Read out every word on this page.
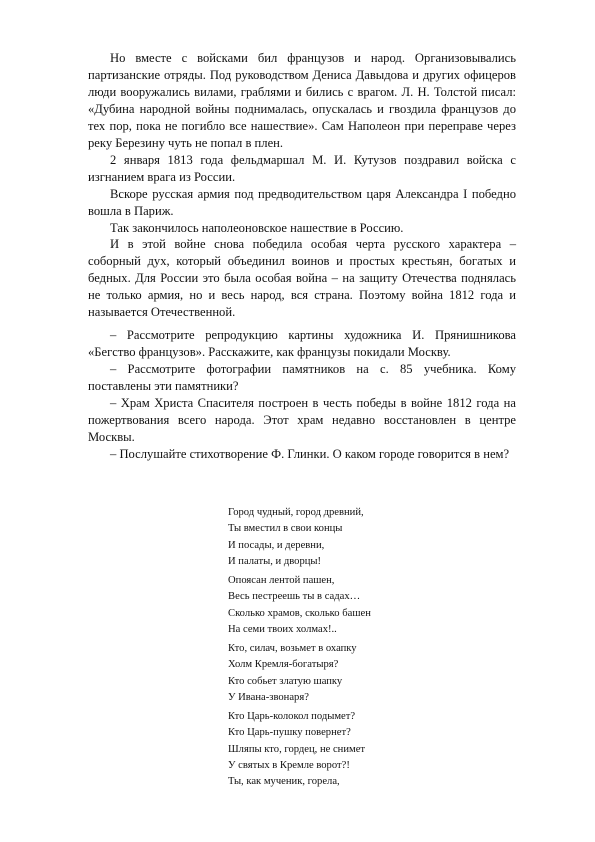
Но вместе с войсками бил французов и народ. Организовывались партизанские отряды. Под руководством Дениса Давыдова и других офицеров люди вооружались вилами, граблями и бились с врагом. Л. Н. Толстой писал: «Дубина народной войны поднималась, опускалась и гвоздила французов до тех пор, пока не погибло все нашествие». Сам Наполеон при переправе через реку Березину чуть не попал в плен.

2 января 1813 года фельдмаршал М. И. Кутузов поздравил войска с изгнанием врага из России.

Вскоре русская армия под предводительством царя Александра I победно вошла в Париж.

Так закончилось наполеоновское нашествие в Россию.

И в этой войне снова победила особая черта русского характера – соборный дух, который объединил воинов и простых крестьян, богатых и бедных. Для России это была особая война – на защиту Отечества поднялась не только армия, но и весь народ, вся страна. Поэтому война 1812 года и называется Отечественной.

– Рассмотрите репродукцию картины художника И. Прянишникова «Бегство французов». Расскажите, как французы покидали Москву.

– Рассмотрите фотографии памятников на с. 85 учебника. Кому поставлены эти памятники?

– Храм Христа Спасителя построен в честь победы в войне 1812 года на пожертвования всего народа. Этот храм недавно восстановлен в центре Москвы.

– Послушайте стихотворение Ф. Глинки. О каком городе говорится в нем?

Город чудный, город древний,
Ты вместил в свои концы
И посады, и деревни,
И палаты, и дворцы!
Опоясан лентой пашен,
Весь пестреешь ты в садах…
Сколько храмов, сколько башен
На семи твоих холмах!..
Кто, силач, возьмет в охапку
Холм Кремля-богатыря?
Кто собьет златую шапку
У Ивана-звонаря?
Кто Царь-колокол подымет?
Кто Царь-пушку повернет?
Шляпы кто, гордец, не снимет
У святых в Кремле ворот?!
Ты, как мученик, горела,
